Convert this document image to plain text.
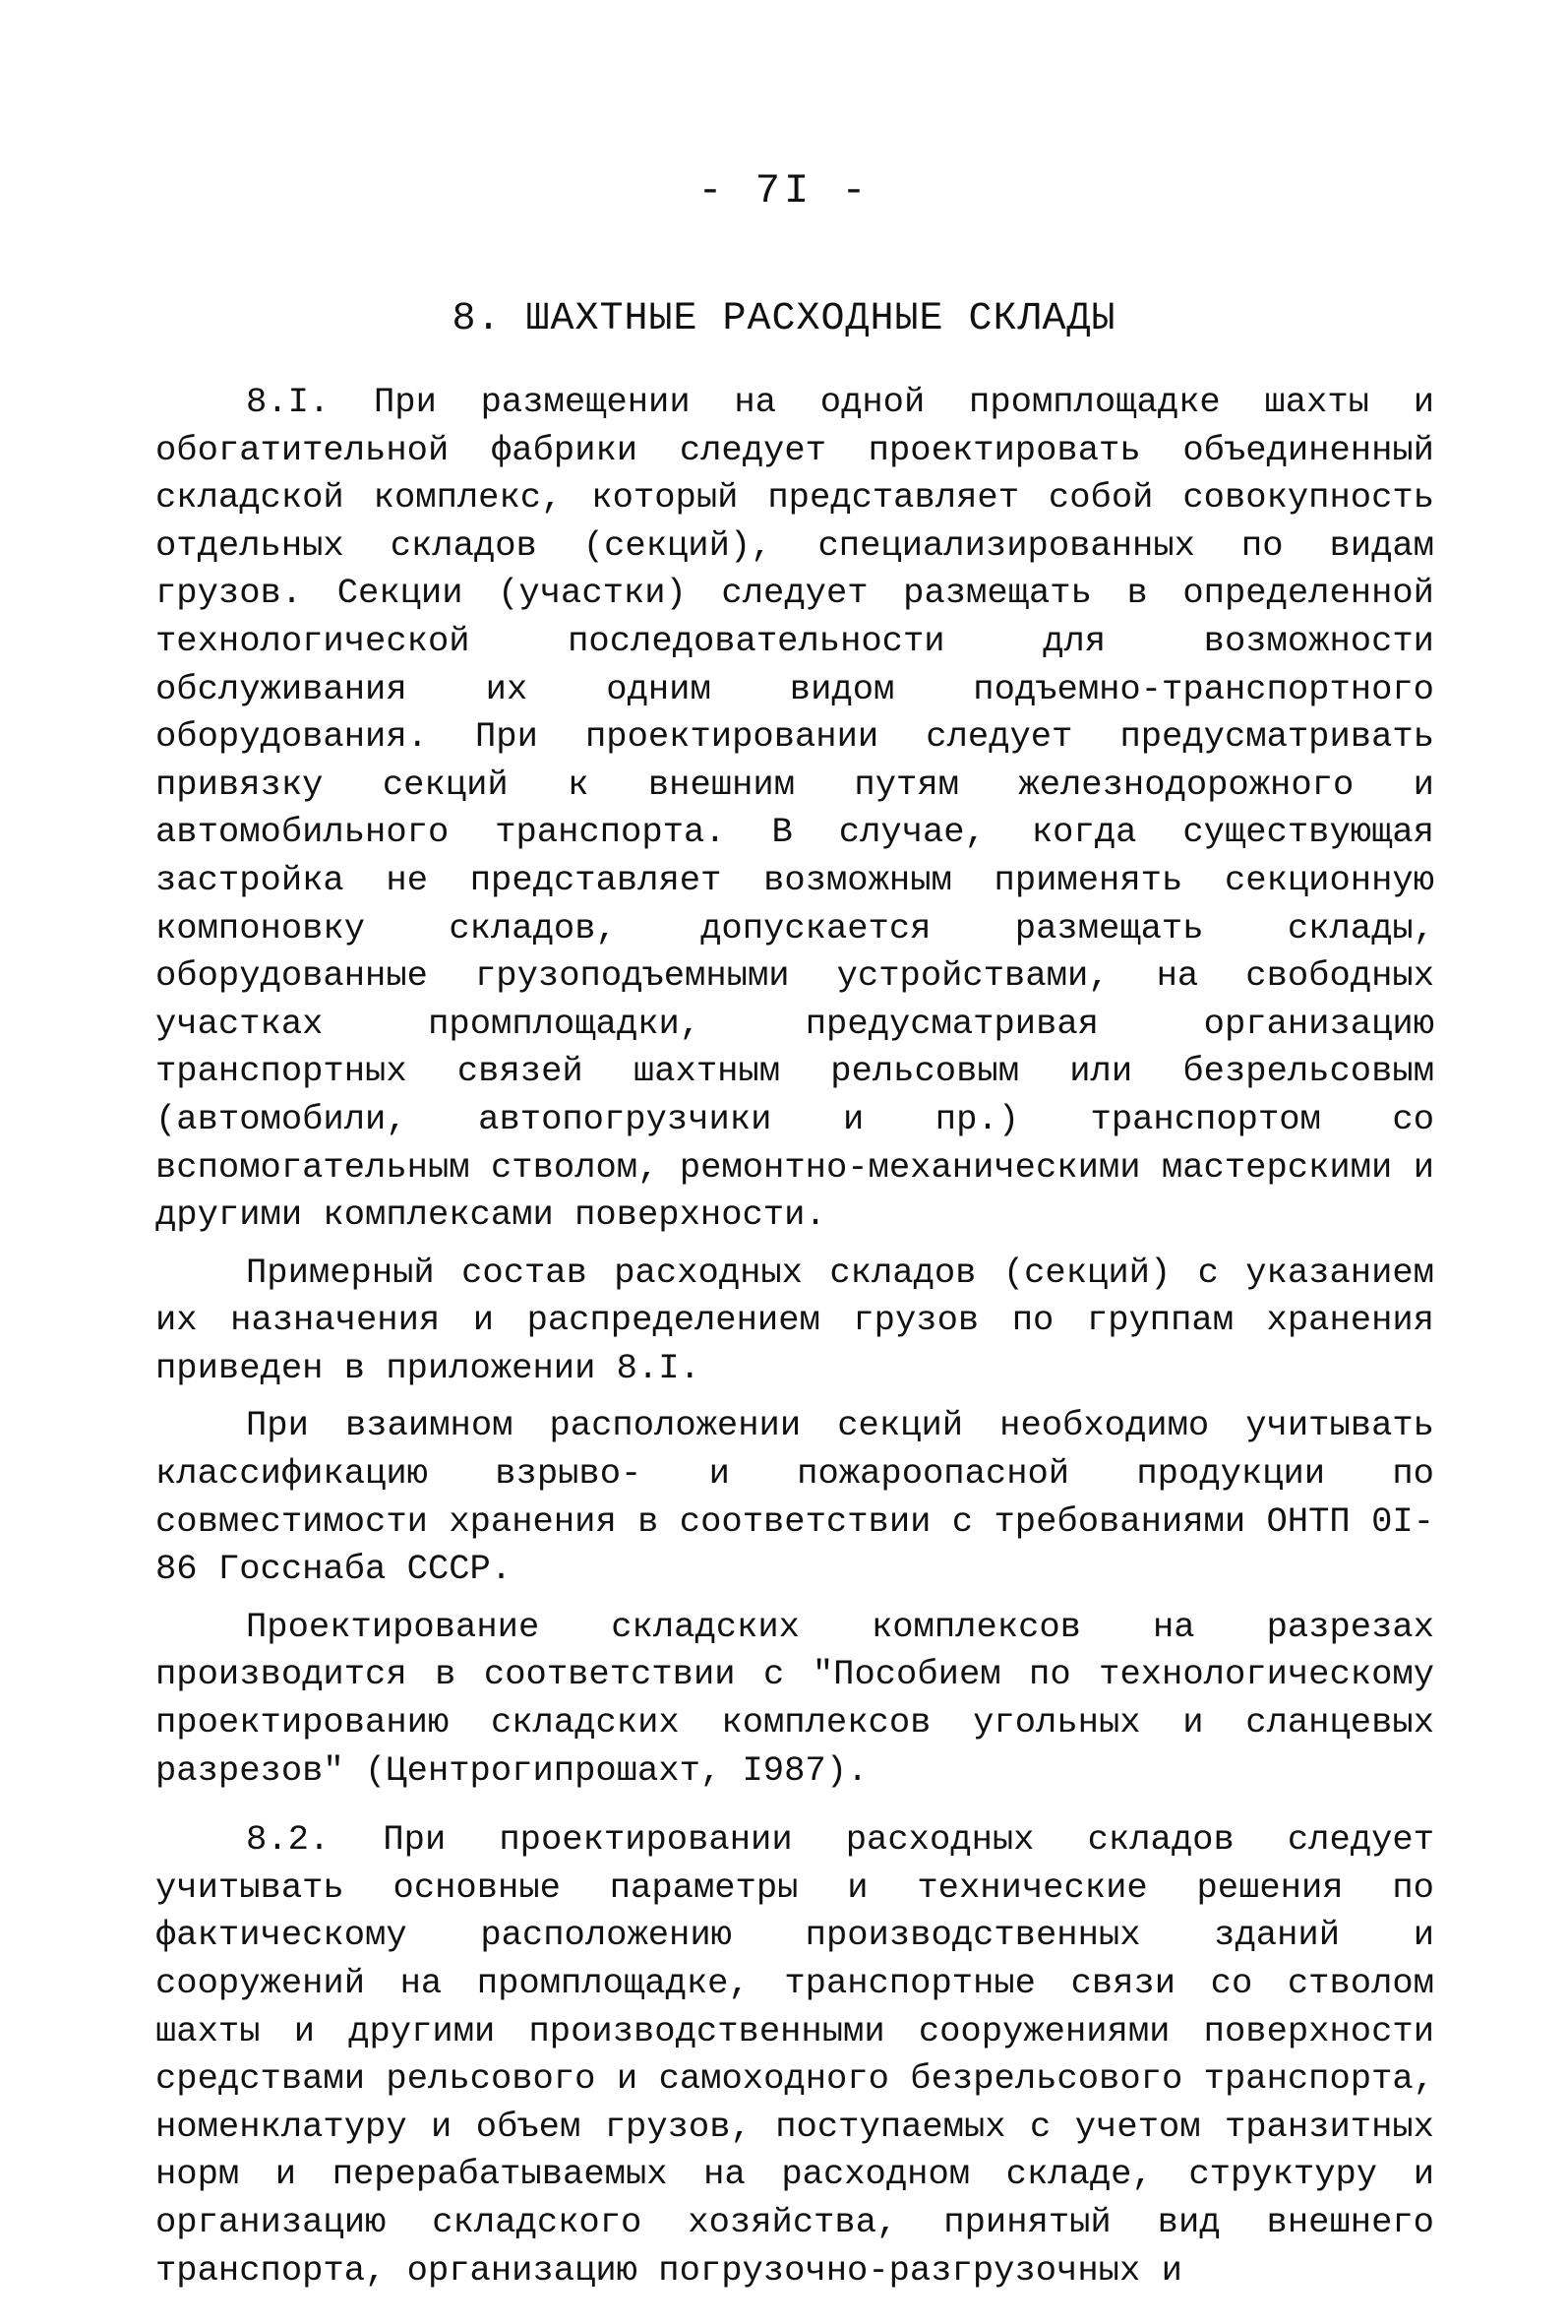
- 7I -
8. ШАХТНЫЕ РАСХОДНЫЕ СКЛАДЫ

8.I. При размещении на одной промплощадке шахты и обогатительной фабрики следует проектировать объединенный складской комплекс, который представляет собой совокупность отдельных складов (секций), специализированных по видам грузов. Секции (участки) следует размещать в определенной технологической последовательности для возможности обслуживания их одним видом подъемно-транспортного оборудования. При проектировании следует предусматривать привязку секций к внешним путям железнодорожного и автомобильного транспорта. В случае, когда существующая застройка не представляет возможным применять секционную компоновку складов, допускается размещать склады, оборудованные грузоподъемными устройствами, на свободных участках промплощадки, предусматривая организацию транспортных связей шахтным рельсовым или безрельсовым (автомобили, автопогрузчики и пр.) транспортом со вспомогательным стволом, ремонтно-механическими мастерскими и другими комплексами поверхности.

Примерный состав расходных складов (секций) с указанием их назначения и распределением грузов по группам хранения приведен в приложении 8.I.

При взаимном расположении секций необходимо учитывать классификацию взрыво- и пожароопасной продукции по совместимости хранения в соответствии с требованиями ОНТП 0I-86 Госснаба СССР.

Проектирование складских комплексов на разрезах производится в соответствии с "Пособием по технологическому проектированию складских комплексов угольных и сланцевых разрезов" (Центрогипрошахт, I987).

8.2. При проектировании расходных складов следует учитывать основные параметры и технические решения по фактическому расположению производственных зданий и сооружений на промплощадке, транспортные связи со стволом шахты и другими производственными сооружениями поверхности средствами рельсового и самоходного безрельсового транспорта, номенклатуру и объем грузов, поступаемых с учетом транзитных норм и перерабатываемых на расходном складе, структуру и организацию складского хозяйства, принятый вид внешнего транспорта, организацию погрузочно-разгрузочных и
